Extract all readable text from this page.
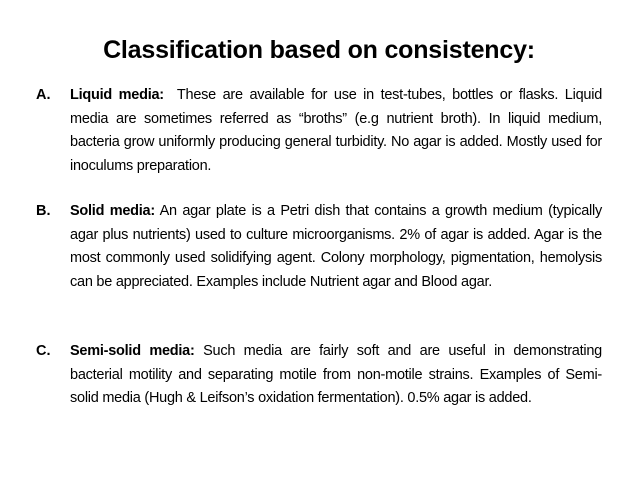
Classification based on consistency:
A. Liquid media: These are available for use in test-tubes, bottles or flasks. Liquid media are sometimes referred as “broths” (e.g nutrient broth). In liquid medium, bacteria grow uniformly producing general turbidity. No agar is added. Mostly used for inoculums preparation.
B. Solid media: An agar plate is a Petri dish that contains a growth medium (typically agar plus nutrients) used to culture microorganisms. 2% of agar is added. Agar is the most commonly used solidifying agent. Colony morphology, pigmentation, hemolysis can be appreciated. Examples include Nutrient agar and Blood agar.
C. Semi-solid media: Such media are fairly soft and are useful in demonstrating bacterial motility and separating motile from non-motile strains. Examples of Semi-solid media (Hugh & Leifson’s oxidation fermentation). 0.5% agar is added.
